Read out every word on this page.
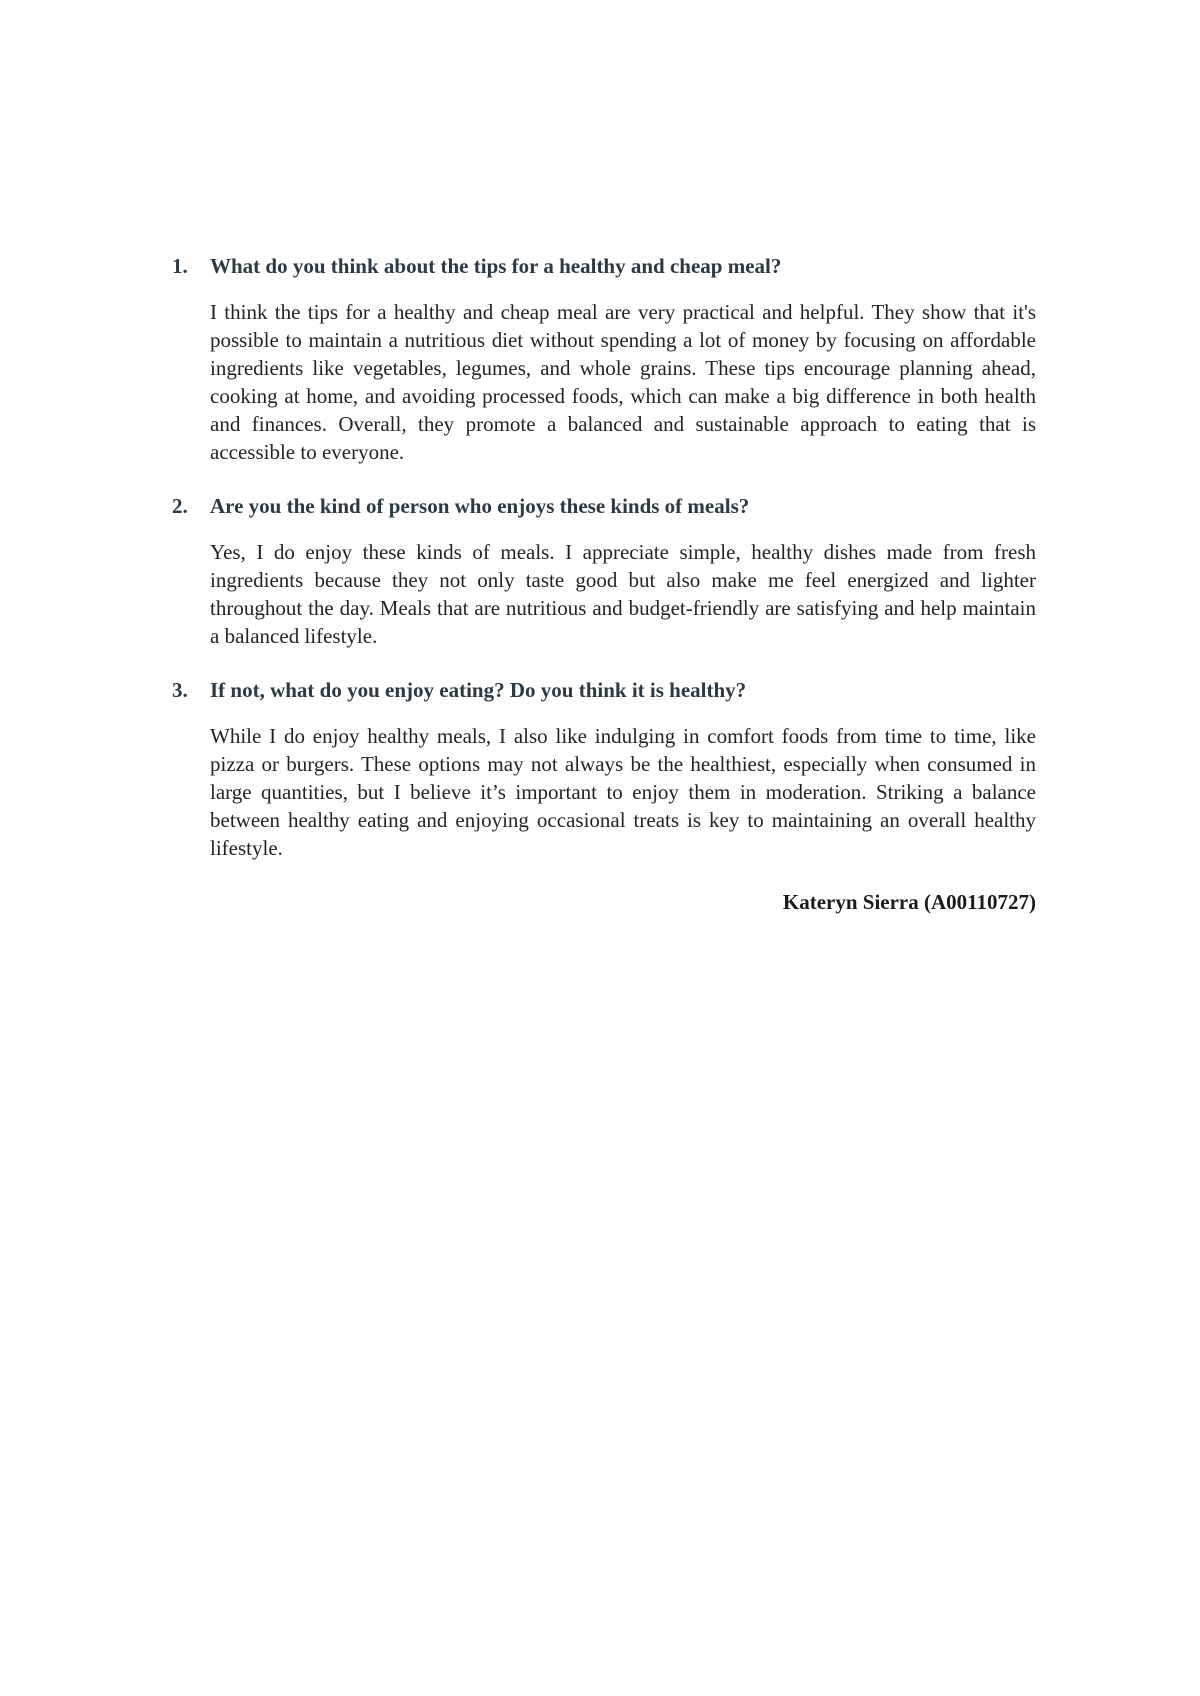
1. What do you think about the tips for a healthy and cheap meal?

I think the tips for a healthy and cheap meal are very practical and helpful. They show that it's possible to maintain a nutritious diet without spending a lot of money by focusing on affordable ingredients like vegetables, legumes, and whole grains. These tips encourage planning ahead, cooking at home, and avoiding processed foods, which can make a big difference in both health and finances. Overall, they promote a balanced and sustainable approach to eating that is accessible to everyone.

2. Are you the kind of person who enjoys these kinds of meals?

Yes, I do enjoy these kinds of meals. I appreciate simple, healthy dishes made from fresh ingredients because they not only taste good but also make me feel energized and lighter throughout the day. Meals that are nutritious and budget-friendly are satisfying and help maintain a balanced lifestyle.

3. If not, what do you enjoy eating? Do you think it is healthy?

While I do enjoy healthy meals, I also like indulging in comfort foods from time to time, like pizza or burgers. These options may not always be the healthiest, especially when consumed in large quantities, but I believe it’s important to enjoy them in moderation. Striking a balance between healthy eating and enjoying occasional treats is key to maintaining an overall healthy lifestyle.

Kateryn Sierra (A00110727)
